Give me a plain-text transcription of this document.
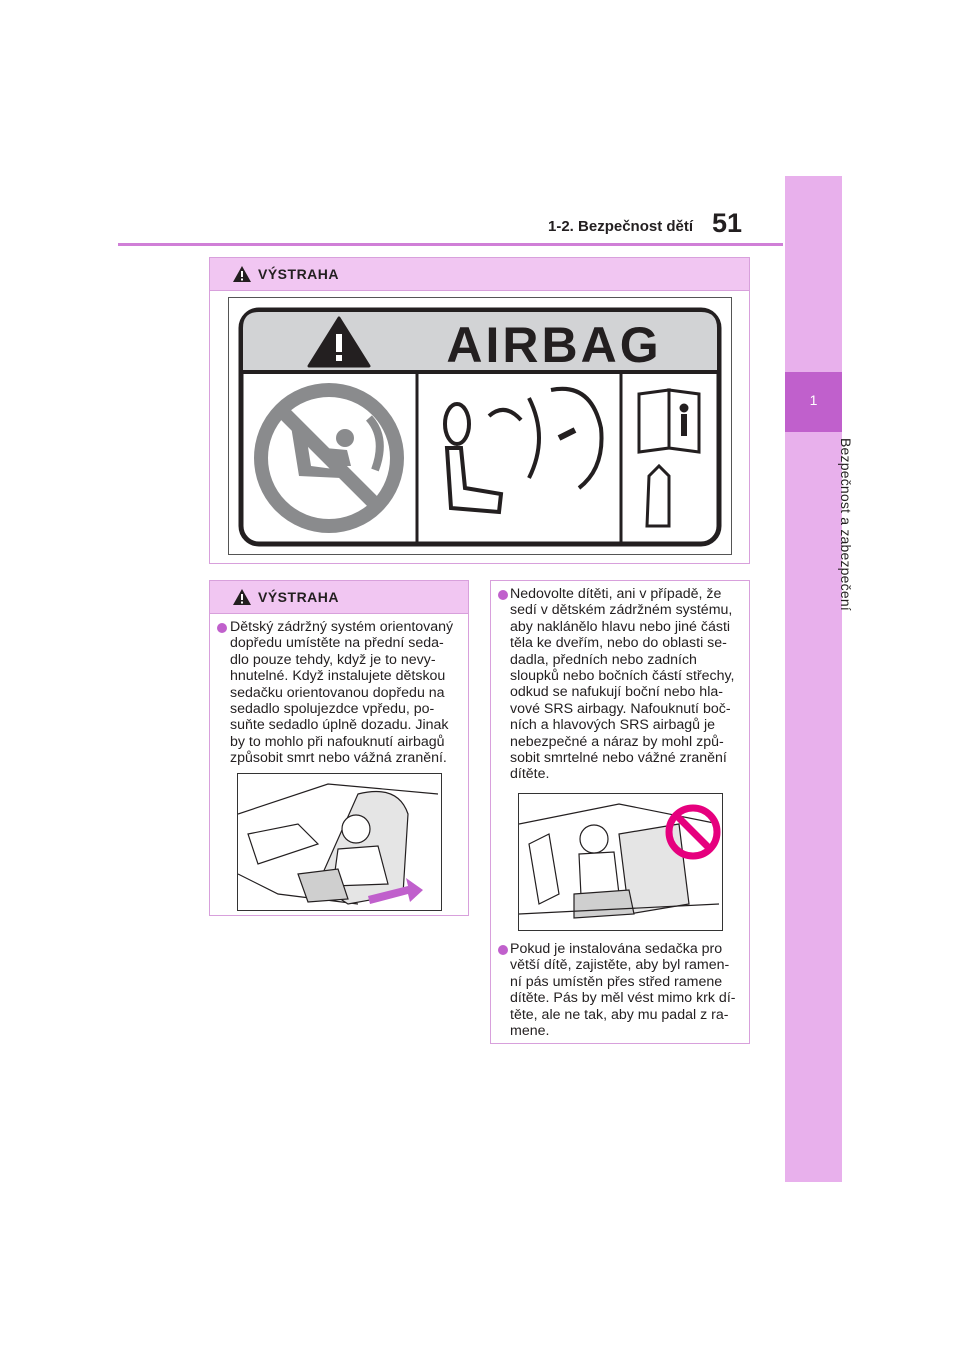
1-2. Bezpečnost dětí 51
1
Bezpečnost a zabezpečení
VÝSTRAHA
AIRBAG
VÝSTRAHA
Dětský zádržný systém orientovaný
dopředu umístěte na přední seda-
dlo pouze tehdy, když je to nevy-
hnutelné. Když instalujete dětskou
sedačku orientovanou dopředu na
sedadlo spolujezdce vpředu, po-
suňte sedadlo úplně dozadu. Jinak
by to mohlo při nafouknutí airbagů
způsobit smrt nebo vážná zranění.
Nedovolte dítěti, ani v případě, že
sedí v dětském zádržném systému,
aby naklánělo hlavu nebo jiné části
těla ke dveřím, nebo do oblasti se-
dadla, předních nebo zadních
sloupků nebo bočních částí střechy,
odkud se nafukují boční nebo hla-
vové SRS airbagy. Nafouknutí boč-
ních a hlavových SRS airbagů je
nebezpečné a náraz by mohl způ-
sobit smrtelné nebo vážné zranění
dítěte.
Pokud je instalována sedačka pro
větší dítě, zajistěte, aby byl ramen-
ní pás umístěn přes střed ramene
dítěte. Pás by měl vést mimo krk dí-
těte, ale ne tak, aby mu padal z ra-
mene.
